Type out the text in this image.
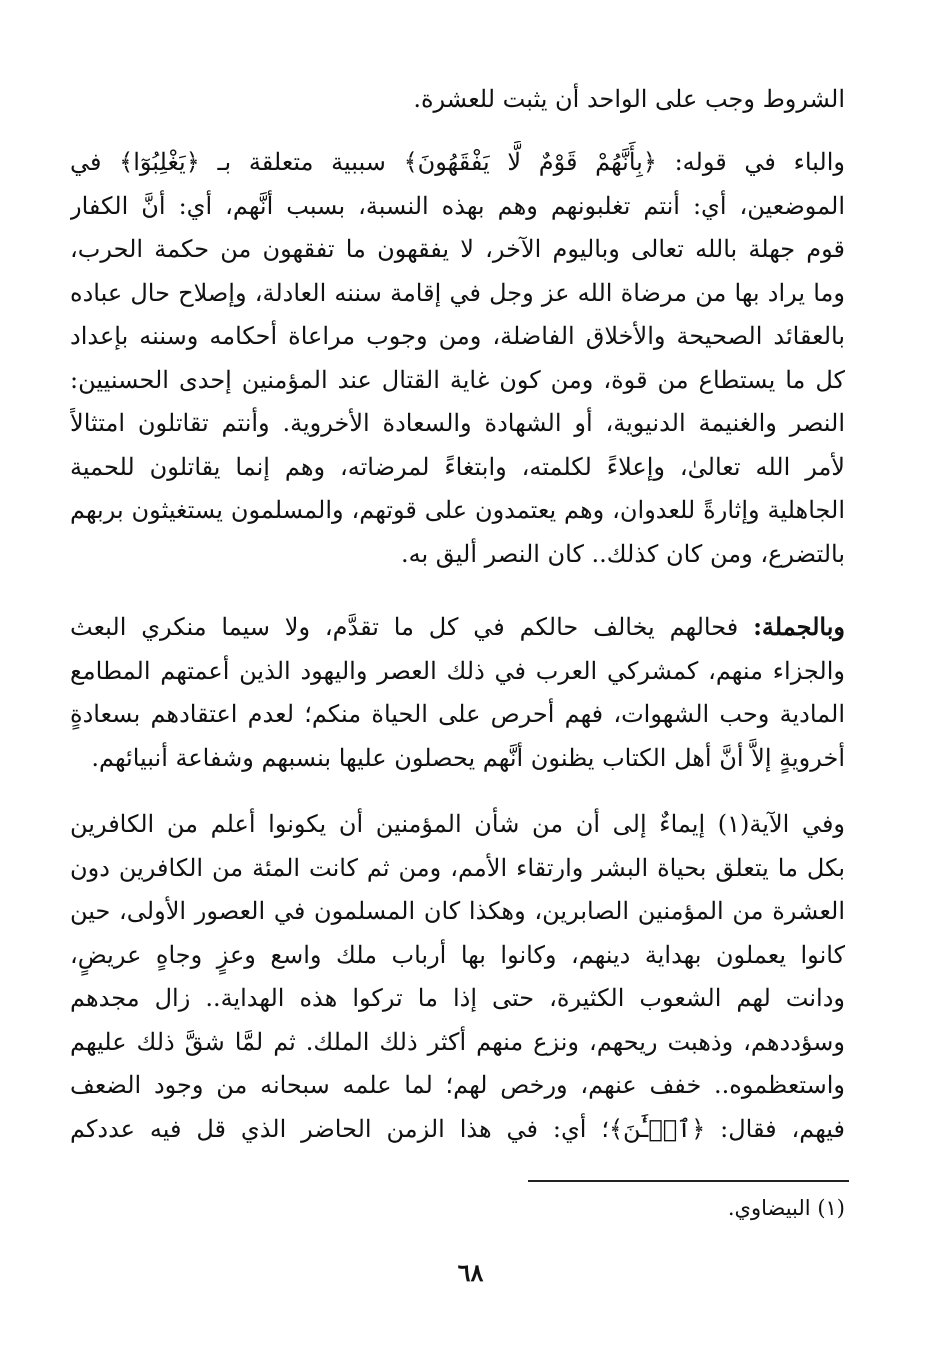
الشروط وجب على الواحد أن يثبت للعشرة.

والباء في قوله: ﴿بِأَنَّهُمْ قَوْمٌ لَّا يَفْقَهُونَ﴾ سببية متعلقة بـ ﴿يَغْلِبُوٓا﴾ في
الموضعين، أي: أنتم تغلبونهم وهم بهذه النسبة، بسبب أنَّهم، أي: أنَّ الكفار
قوم جهلة بالله تعالى وباليوم الآخر، لا يفقهون ما تفقهون من حكمة الحرب،
وما يراد بها من مرضاة الله عز وجل في إقامة سننه العادلة، وإصلاح حال عباده
بالعقائد الصحيحة والأخلاق الفاضلة، ومن وجوب مراعاة أحكامه وسننه بإعداد
كل ما يستطاع من قوة، ومن كون غاية القتال عند المؤمنين إحدى الحسنيين:
النصر والغنيمة الدنيوية، أو الشهادة والسعادة الأخروية. وأنتم تقاتلون امتثالاً
لأمر الله تعالىٰ، وإعلاءً لكلمته، وابتغاءً لمرضاته، وهم إنما يقاتلون للحمية
الجاهلية وإثارةً للعدوان، وهم يعتمدون على قوتهم، والمسلمون يستغيثون بربهم
بالتضرع، ومن كان كذلك.. كان النصر أليق به.

وبالجملة: فحالهم يخالف حالكم في كل ما تقدَّم، ولا سيما منكري البعث
والجزاء منهم، كمشركي العرب في ذلك العصر واليهود الذين أعمتهم المطامع
المادية وحب الشهوات، فهم أحرص على الحياة منكم؛ لعدم اعتقادهم بسعادةٍ
أخرويةٍ إلاَّ أنَّ أهل الكتاب يظنون أنَّهم يحصلون عليها بنسبهم وشفاعة أنبيائهم.

وفي الآية(١) إيماءٌ إلى أن من شأن المؤمنين أن يكونوا أعلم من الكافرين
بكل ما يتعلق بحياة البشر وارتقاء الأمم، ومن ثم كانت المئة من الكافرين دون
العشرة من المؤمنين الصابرين، وهكذا كان المسلمون في العصور الأولى، حين
كانوا يعملون بهداية دينهم، وكانوا بها أرباب ملك واسع وعزٍ وجاهٍ عريضٍ،
ودانت لهم الشعوب الكثيرة، حتى إذا ما تركوا هذه الهداية.. زال مجدهم
وسؤددهم، وذهبت ريحهم، ونزع منهم أكثر ذلك الملك. ثم لمَّا شقَّ ذلك عليهم
واستعظموه.. خفف عنهم، ورخص لهم؛ لما علمه سبحانه من وجود الضعف
فيهم، فقال: ﴿ٱلۡـَٰٔنَ﴾؛ أي: في هذا الزمن الحاضر الذي قل فيه عددكم

(١) البيضاوي.
٦٨
